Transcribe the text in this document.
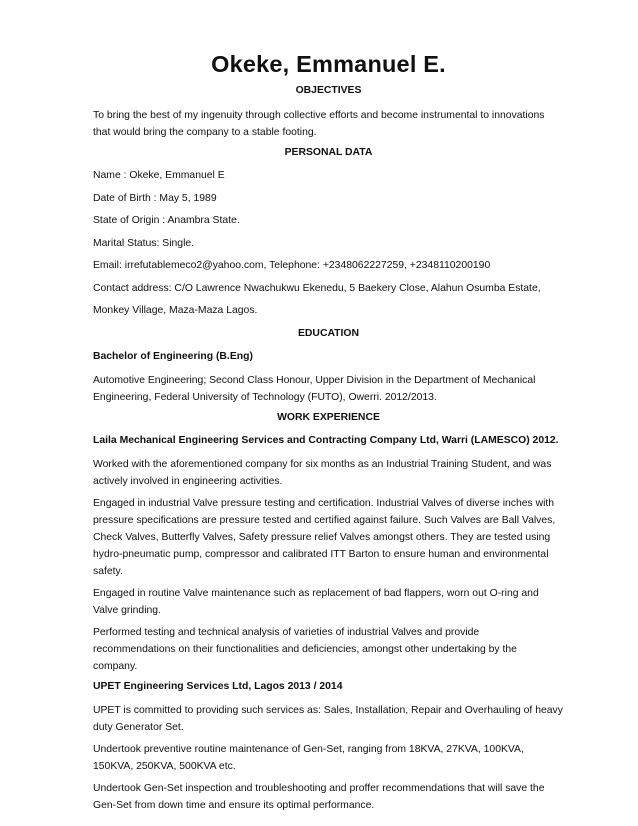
Okeke, Emmanuel E.
OBJECTIVES
To bring the best of my ingenuity through collective efforts and become instrumental to innovations that would bring the company to a stable footing.
PERSONAL DATA
Name : Okeke, Emmanuel E
Date of Birth : May 5, 1989
State of Origin : Anambra State.
Marital Status: Single.
Email: irrefutablemeco2@yahoo.com, Telephone: +2348062227259, +2348110200190
Contact address: C/O Lawrence Nwachukwu Ekenedu, 5 Baekery Close, Alahun Osumba Estate,
Monkey Village, Maza-Maza Lagos.
EDUCATION
Bachelor of Engineering (B.Eng)
Automotive Engineering; Second Class Honour, Upper Division in the Department of Mechanical Engineering, Federal University of Technology (FUTO), Owerri. 2012/2013.
WORK EXPERIENCE
Laila Mechanical Engineering Services and Contracting Company Ltd, Warri (LAMESCO) 2012.
Worked with the aforementioned company for six months as an Industrial Training Student, and was actively involved in engineering activities.
Engaged in industrial Valve pressure testing and certification. Industrial Valves of diverse inches with pressure specifications are pressure tested and certified against failure. Such Valves are Ball Valves, Check Valves, Butterfly Valves, Safety pressure relief Valves amongst others. They are tested using hydro-pneumatic pump, compressor and calibrated ITT Barton to ensure human and environmental safety.
Engaged in routine Valve maintenance such as replacement of bad flappers, worn out O-ring and Valve grinding.
Performed testing and technical analysis of varieties of industrial Valves and provide recommendations on their functionalities and deficiencies, amongst other undertaking by the company.
UPET Engineering Services Ltd, Lagos 2013 / 2014
UPET is committed to providing such services as: Sales, Installation, Repair and Overhauling of heavy duty Generator Set.
Undertook preventive routine maintenance of Gen-Set, ranging from 18KVA, 27KVA, 100KVA, 150KVA, 250KVA, 500KVA etc.
Undertook Gen-Set inspection and troubleshooting and proffer recommendations that will save the Gen-Set from down time and ensure its optimal performance.
